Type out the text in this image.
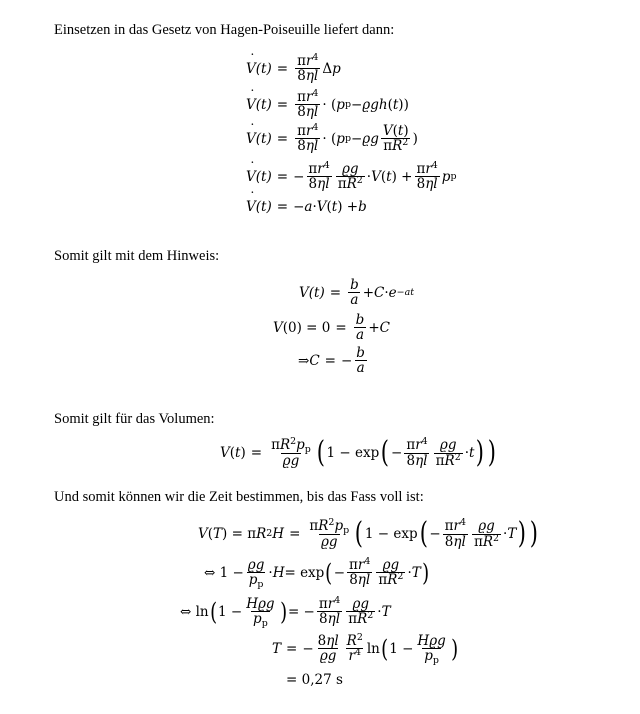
Einsetzen in das Gesetz von Hagen-Poiseuille liefert dann:
Somit gilt mit dem Hinweis:
Somit gilt für das Volumen:
Und somit können wir die Zeit bestimmen, bis das Fass voll ist:
˙ $V(t) = \frac{\pi r^4}{8\eta l}$ Δ p
˙ $V(t) = \frac{\pi r^4}{8\eta l}$ · ( p p − ϱgh ( t ))
˙ $V(t) = \frac{\pi r^4}{8\eta l}$ · ( p p − ϱg $\frac{V(t)}{\pi R^2}$ )
˙ V(t) = − $\frac{\pi r^4}{8\eta l} \frac{ϱg}{\pi R^2} \cdot V$ ( t ) + $\frac{\pi r^4}{8\eta l}$ p p
˙ V(t) = − a · V ( t ) + b
$V(t) = \frac{b}{a} + C \cdot e -at$
V $(0) = 0 = \frac{b}{a} + C$
⇒ C = − $\frac{b}{a}$
V ( t ) = $\frac{\pi R^2p_p}{ϱg}$ ( 1 − exp ( − $\frac{\pi r^4}{8\eta l} \frac{ϱg}{\pi R^2} \cdot t$ ) )
V ( T ) = π R 2 $H = \frac{\pi R^2p_p}{ϱg}$ ( 1 − exp ( − $\frac{\pi r^4}{8\eta l} \frac{ϱg}{\pi R^2} \cdot T$ ) )
⇔ $1 - \frac{ϱg}{p_p} \cdot H = \exp$ ( − $\frac{\pi r^4}{8\eta l} \frac{ϱg}{\pi R^2} \cdot T$ )
⇔ ln ( $1 - \frac{\text{Hϱg}}{p_p}$ ) = − $\frac{\pi r^4}{8\eta l} \frac{ϱg}{\pi R^2} \cdot T$
T = − $\frac{8\eta l}{ϱg} \frac{R^2}{r^4}$ ln ( $1 - \frac{\text{Hϱg}}{p_p}$ )
= 0,27 s
